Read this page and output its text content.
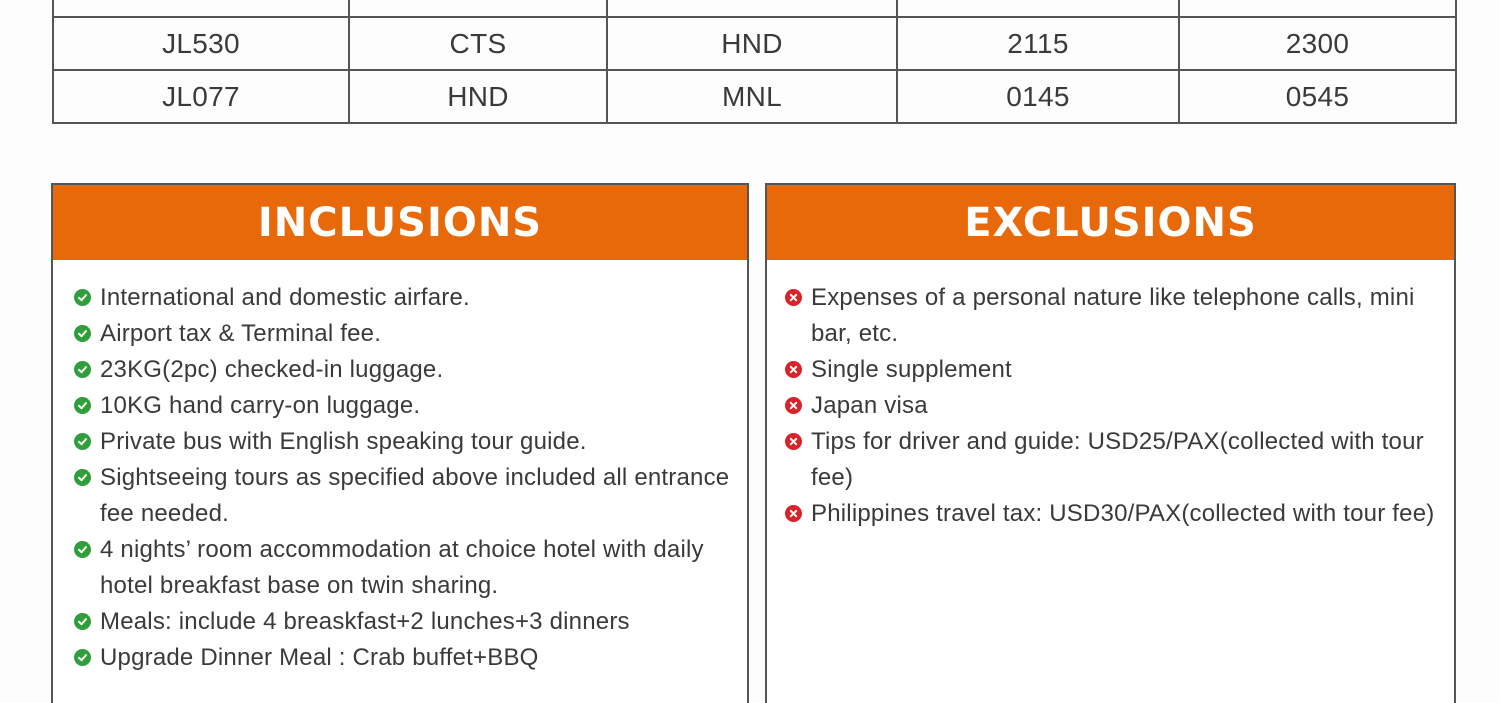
JL530	CTS	HND	2115	2300
JL077	HND	MNL	0145	0545
INCLUSIONS
International and domestic airfare.
Airport tax & Terminal fee.
23KG(2pc) checked-in luggage.
10KG hand carry-on luggage.
Private bus with English speaking tour guide.
Sightseeing tours as specified above included all entrance fee needed.
4 nights’ room accommodation at choice hotel with daily hotel breakfast base on twin sharing.
Meals: include 4 breaskfast+2 lunches+3 dinners
Upgrade Dinner Meal : Crab buffet+BBQ
EXCLUSIONS
Expenses of a personal nature like telephone calls, mini bar, etc.
Single supplement
Japan visa
Tips for driver and guide: USD25/PAX(collected with tour fee)
Philippines travel tax: USD30/PAX(collected with tour fee)
